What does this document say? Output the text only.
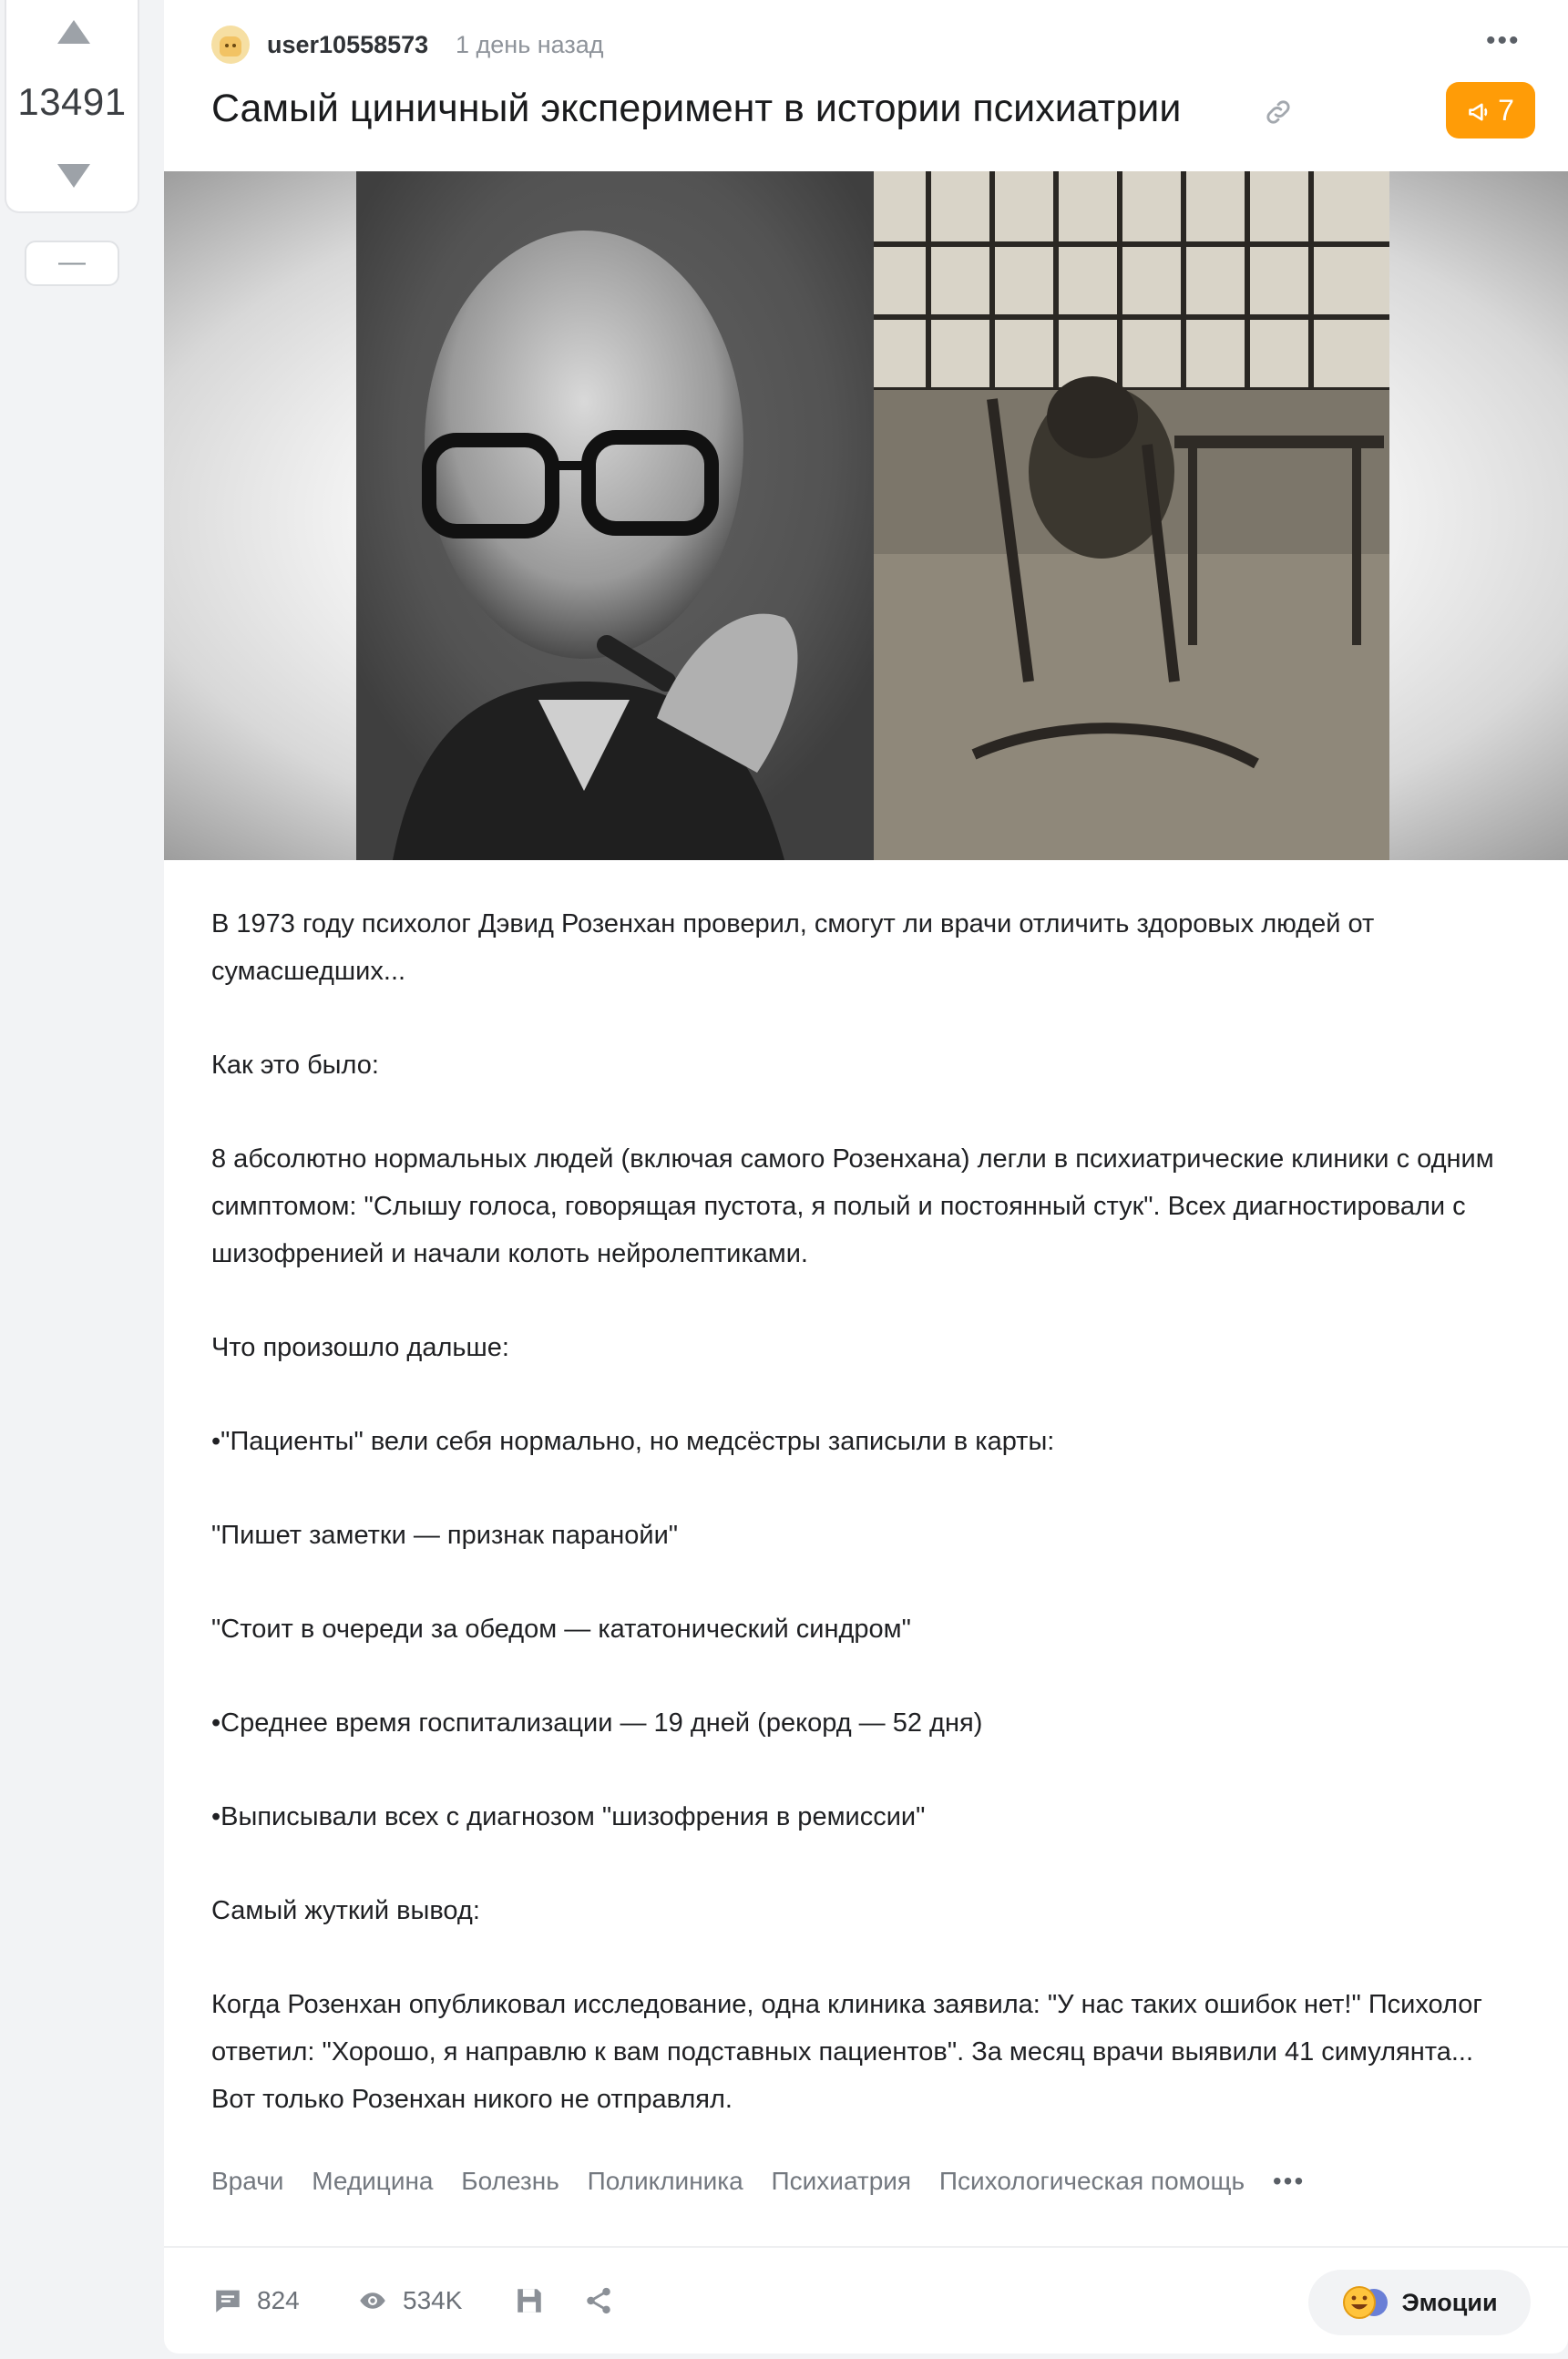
13491
—
user10558573 1 день назад	•••
Самый циничный эксперимент в истории психиатрии	7

В 1973 году психолог Дэвид Розенхан проверил, смогут ли врачи отличить здоровых людей от сумасшедших...

Как это было:

8 абсолютно нормальных людей (включая самого Розенхана) легли в психиатрические клиники с одним симптомом: "Слышу голоса, говорящая пустота, я полый и постоянный стук". Всех диагностировали с шизофренией и начали колоть нейролептиками.

Что произошло дальше:

•"Пациенты" вели себя нормально, но медсёстры записыли в карты:

"Пишет заметки — признак паранойи"

"Стоит в очереди за обедом — кататонический синдром"

•Среднее время госпитализации — 19 дней (рекорд — 52 дня)

•Выписывали всех с диагнозом "шизофрения в ремиссии"

Самый жуткий вывод:

Когда Розенхан опубликовал исследование, одна клиника заявила: "У нас таких ошибок нет!" Психолог ответил: "Хорошо, я направлю к вам подставных пациентов". За месяц врачи выявили 41 симулянта... Вот только Розенхан никого не отправлял.

Врачи Медицина Болезнь Поликлиника Психиатрия Психологическая помощь •••
824	534K	Эмоции
